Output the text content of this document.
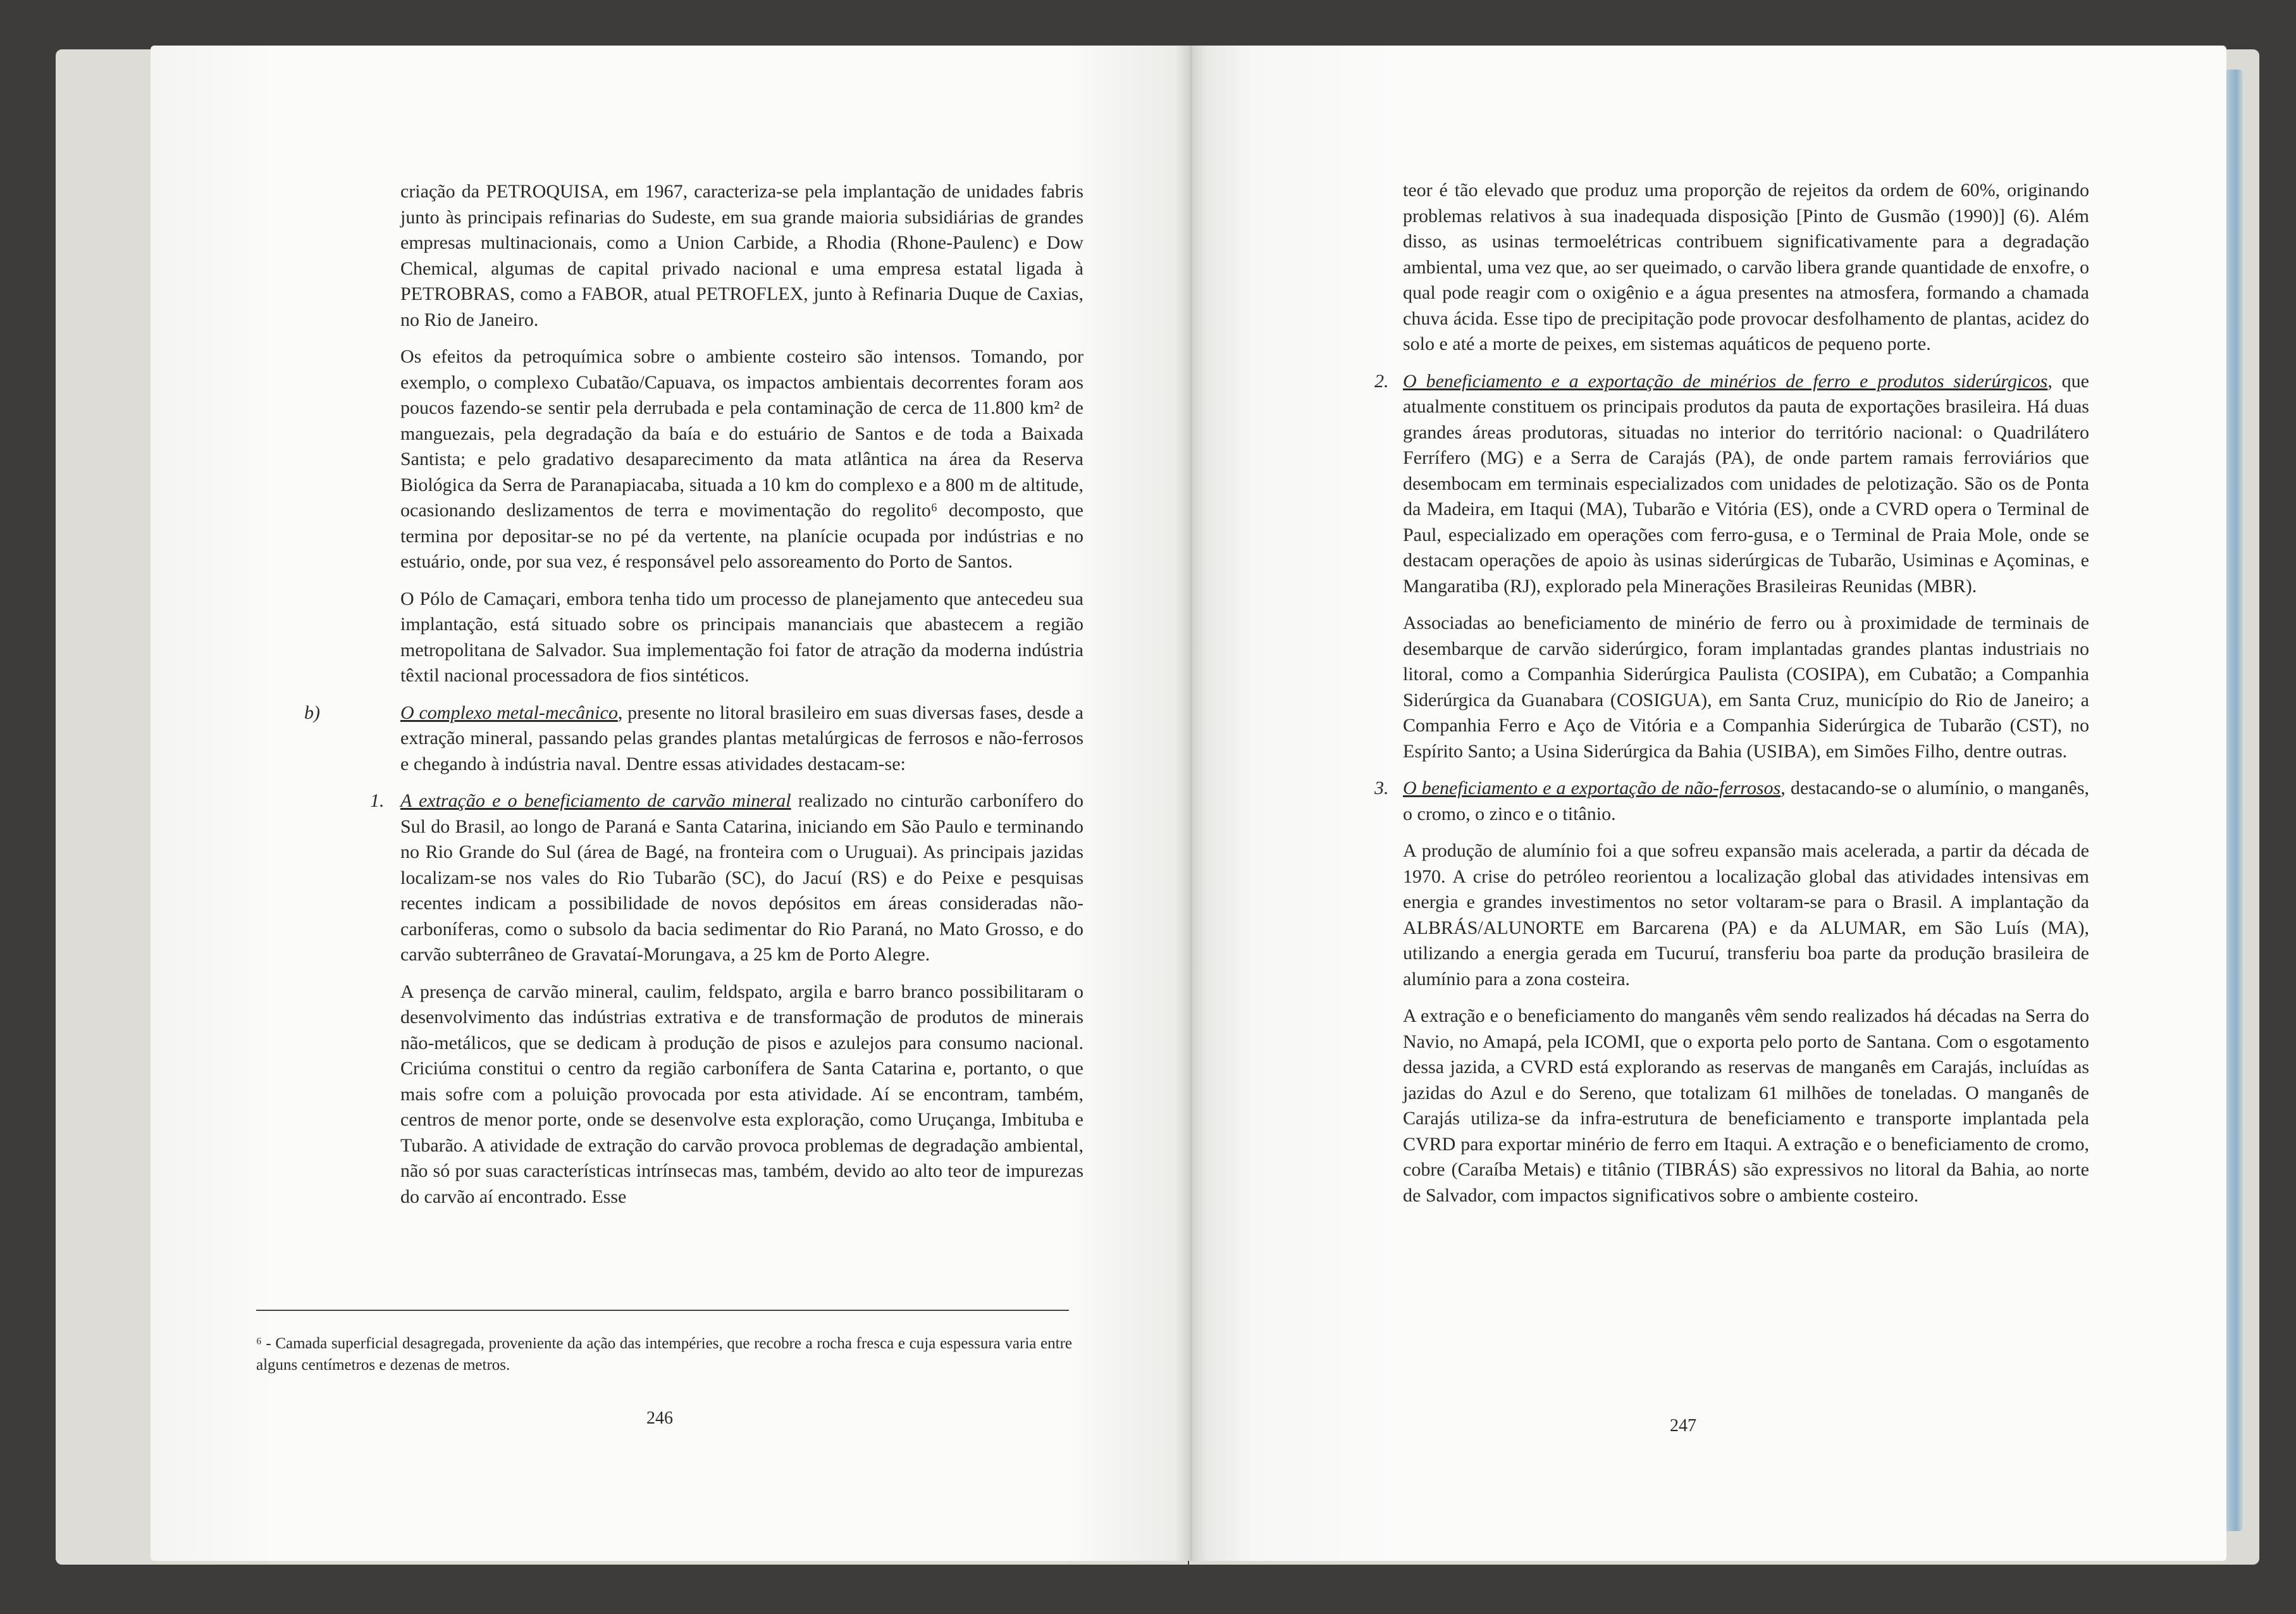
criação da PETROQUISA, em 1967, caracteriza-se pela implantação de unidades fabris junto às principais refinarias do Sudeste, em sua grande maioria subsidiárias de grandes empresas multinacionais, como a Union Carbide, a Rhodia (Rhone-Paulenc) e Dow Chemical, algumas de capital privado nacional e uma empresa estatal ligada à PETROBRAS, como a FABOR, atual PETROFLEX, junto à Refinaria Duque de Caxias, no Rio de Janeiro.

Os efeitos da petroquímica sobre o ambiente costeiro são intensos. Tomando, por exemplo, o complexo Cubatão/Capuava, os impactos ambientais decorrentes foram aos poucos fazendo-se sentir pela derrubada e pela contaminação de cerca de 11.800 km² de manguezais, pela degradação da baía e do estuário de Santos e de toda a Baixada Santista; e pelo gradativo desaparecimento da mata atlântica na área da Reserva Biológica da Serra de Paranapiacaba, situada a 10 km do complexo e a 800 m de altitude, ocasionando deslizamentos de terra e movimentação do regolito⁶ decomposto, que termina por depositar-se no pé da vertente, na planície ocupada por indústrias e no estuário, onde, por sua vez, é responsável pelo assoreamento do Porto de Santos.

O Pólo de Camaçari, embora tenha tido um processo de planejamento que antecedeu sua implantação, está situado sobre os principais mananciais que abastecem a região metropolitana de Salvador. Sua implementação foi fator de atração da moderna indústria têxtil nacional processadora de fios sintéticos.

b)	O complexo metal-mecânico, presente no litoral brasileiro em suas diversas fases, desde a extração mineral, passando pelas grandes plantas metalúrgicas de ferrosos e não-ferrosos e chegando à indústria naval. Dentre essas atividades destacam-se:

1. A extração e o beneficiamento de carvão mineral realizado no cinturão carbonífero do Sul do Brasil, ao longo de Paraná e Santa Catarina, iniciando em São Paulo e terminando no Rio Grande do Sul (área de Bagé, na fronteira com o Uruguai). As principais jazidas localizam-se nos vales do Rio Tubarão (SC), do Jacuí (RS) e do Peixe e pesquisas recentes indicam a possibilidade de novos depósitos em áreas consideradas não-carboníferas, como o subsolo da bacia sedimentar do Rio Paraná, no Mato Grosso, e do carvão subterrâneo de Gravataí-Morungava, a 25 km de Porto Alegre.

A presença de carvão mineral, caulim, feldspato, argila e barro branco possibilitaram o desenvolvimento das indústrias extrativa e de transformação de produtos de minerais não-metálicos, que se dedicam à produção de pisos e azulejos para consumo nacional. Criciúma constitui o centro da região carbonífera de Santa Catarina e, portanto, o que mais sofre com a poluição provocada por esta atividade. Aí se encontram, também, centros de menor porte, onde se desenvolve esta exploração, como Uruçanga, Imbituba e Tubarão. A atividade de extração do carvão provoca problemas de degradação ambiental, não só por suas características intrínsecas mas, também, devido ao alto teor de impurezas do carvão aí encontrado. Esse

⁶ - Camada superficial desagregada, proveniente da ação das intempéries, que recobre a rocha fresca e cuja espessura varia entre alguns centímetros e dezenas de metros.
246

teor é tão elevado que produz uma proporção de rejeitos da ordem de 60%, originando problemas relativos à sua inadequada disposição [Pinto de Gusmão (1990)] (6). Além disso, as usinas termoelétricas contribuem significativamente para a degradação ambiental, uma vez que, ao ser queimado, o carvão libera grande quantidade de enxofre, o qual pode reagir com o oxigênio e a água presentes na atmosfera, formando a chamada chuva ácida. Esse tipo de precipitação pode provocar desfolhamento de plantas, acidez do solo e até a morte de peixes, em sistemas aquáticos de pequeno porte.

2. O beneficiamento e a exportação de minérios de ferro e produtos siderúrgicos, que atualmente constituem os principais produtos da pauta de exportações brasileira. Há duas grandes áreas produtoras, situadas no interior do território nacional: o Quadrilátero Ferrífero (MG) e a Serra de Carajás (PA), de onde partem ramais ferroviários que desembocam em terminais especializados com unidades de pelotização. São os de Ponta da Madeira, em Itaqui (MA), Tubarão e Vitória (ES), onde a CVRD opera o Terminal de Paul, especializado em operações com ferro-gusa, e o Terminal de Praia Mole, onde se destacam operações de apoio às usinas siderúrgicas de Tubarão, Usiminas e Açominas, e Mangaratiba (RJ), explorado pela Minerações Brasileiras Reunidas (MBR).

Associadas ao beneficiamento de minério de ferro ou à proximidade de terminais de desembarque de carvão siderúrgico, foram implantadas grandes plantas industriais no litoral, como a Companhia Siderúrgica Paulista (COSIPA), em Cubatão; a Companhia Siderúrgica da Guanabara (COSIGUA), em Santa Cruz, município do Rio de Janeiro; a Companhia Ferro e Aço de Vitória e a Companhia Siderúrgica de Tubarão (CST), no Espírito Santo; a Usina Siderúrgica da Bahia (USIBA), em Simões Filho, dentre outras.

3. O beneficiamento e a exportação de não-ferrosos, destacando-se o alumínio, o manganês, o cromo, o zinco e o titânio.

A produção de alumínio foi a que sofreu expansão mais acelerada, a partir da década de 1970. A crise do petróleo reorientou a localização global das atividades intensivas em energia e grandes investimentos no setor voltaram-se para o Brasil. A implantação da ALBRÁS/ALUNORTE em Barcarena (PA) e da ALUMAR, em São Luís (MA), utilizando a energia gerada em Tucuruí, transferiu boa parte da produção brasileira de alumínio para a zona costeira.

A extração e o beneficiamento do manganês vêm sendo realizados há décadas na Serra do Navio, no Amapá, pela ICOMI, que o exporta pelo porto de Santana. Com o esgotamento dessa jazida, a CVRD está explorando as reservas de manganês em Carajás, incluídas as jazidas do Azul e do Sereno, que totalizam 61 milhões de toneladas. O manganês de Carajás utiliza-se da infra-estrutura de beneficiamento e transporte implantada pela CVRD para exportar minério de ferro em Itaqui. A extração e o beneficiamento de cromo, cobre (Caraíba Metais) e titânio (TIBRÁS) são expressivos no litoral da Bahia, ao norte de Salvador, com impactos significativos sobre o ambiente costeiro.

247
